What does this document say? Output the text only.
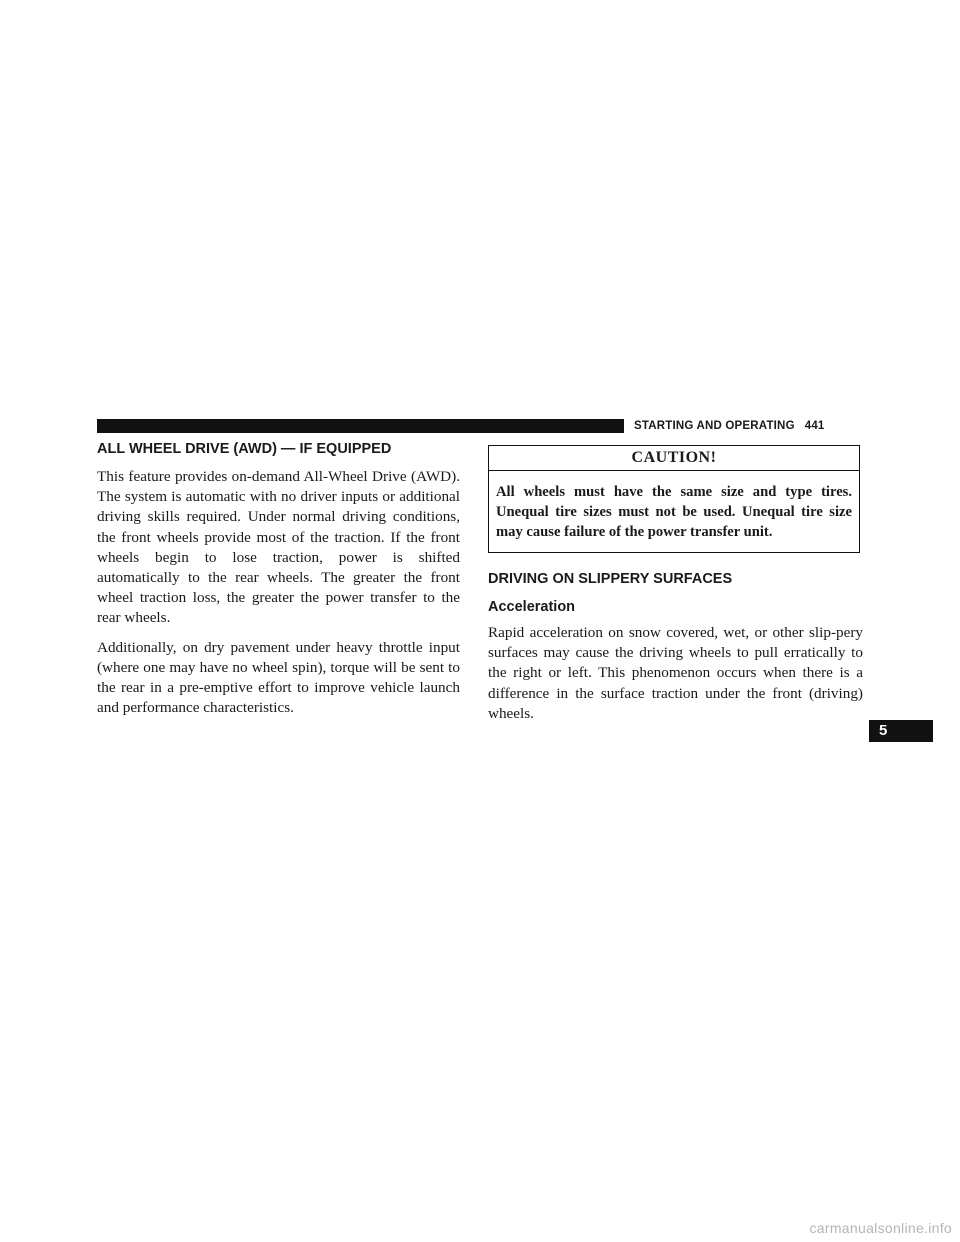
STARTING AND OPERATING 441
ALL WHEEL DRIVE (AWD) — IF EQUIPPED

This feature provides on-demand All-Wheel Drive (AWD). The system is automatic with no driver inputs or additional driving skills required. Under normal driving conditions, the front wheels provide most of the traction. If the front wheels begin to lose traction, power is shifted automatically to the rear wheels. The greater the front wheel traction loss, the greater the power transfer to the rear wheels.

Additionally, on dry pavement under heavy throttle input (where one may have no wheel spin), torque will be sent to the rear in a pre-emptive effort to improve vehicle launch and performance characteristics.

CAUTION!
All wheels must have the same size and type tires. Unequal tire sizes must not be used. Unequal tire size may cause failure of the power transfer unit.
DRIVING ON SLIPPERY SURFACES
Acceleration

Rapid acceleration on snow covered, wet, or other slip-pery surfaces may cause the driving wheels to pull erratically to the right or left. This phenomenon occurs when there is a difference in the surface traction under the front (driving) wheels.

5
carmanualsonline.info
